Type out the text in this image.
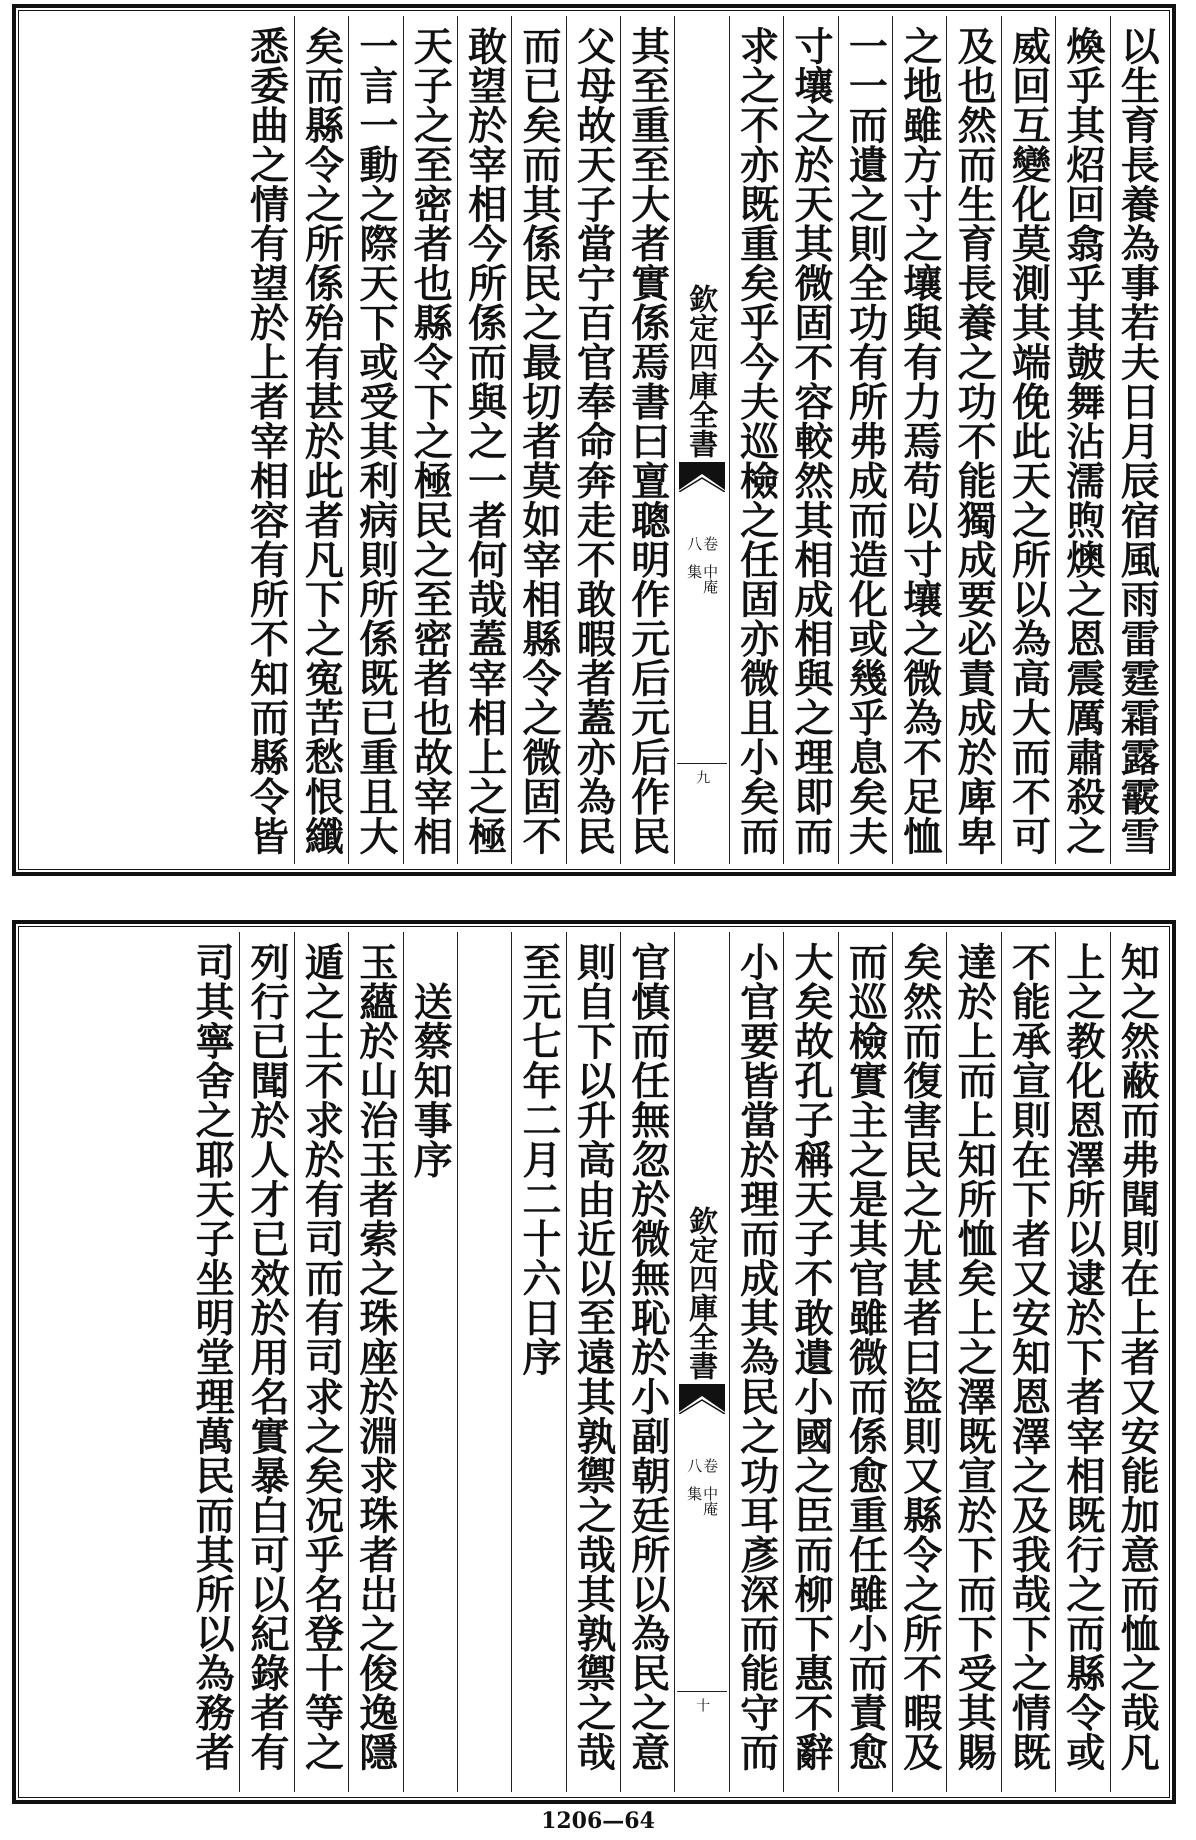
以生育長養為事若夫日月辰宿風雨雷霆霜露霰雪
煥乎其炤回翕乎其皷舞沾濡煦燠之恩震厲肅殺之
威回互變化莫測其端俛此天之所以為高大而不可
及也然而生育長養之功不能獨成要必責成於庳卑
之地雖方寸之壤與有力焉苟以寸壤之微為不足恤
一一而遺之則全功有所弗成而造化或幾乎息矣夫
寸壤之於天其微固不容較然其相成相與之理即而
求之不亦既重矣乎今夫巡檢之任固亦微且小矣而
欽定四庫全書
中庵集
卷八
九
其至重至大者實係焉書曰亶聰明作元后元后作民
父母故天子當宁百官奉命奔走不敢暇者蓋亦為民
而已矣而其係民之最切者莫如宰相縣令之微固不
敢望於宰相今所係而與之一者何哉蓋宰相上之極
天子之至密者也縣令下之極民之至密者也故宰相
一言一動之際天下或受其利病則所係既已重且大
矣而縣令之所係殆有甚於此者凡下之寃苦愁恨纖
悉委曲之情有望於上者宰相容有所不知而縣令皆
知之然蔽而弗聞則在上者又安能加意而恤之哉凡
上之教化恩澤所以逮於下者宰相既行之而縣令或
不能承宣則在下者又安知恩澤之及我哉下之情既
達於上而上知所恤矣上之澤既宣於下而下受其賜
矣然而復害民之尤甚者曰盜則又縣令之所不暇及
而巡檢實主之是其官雖微而係愈重任雖小而責愈
大矣故孔子稱天子不敢遺小國之臣而柳下惠不辭
小官要皆當於理而成其為民之功耳彥深而能守而
欽定四庫全書
中庵集
卷八
十
官慎而任無忽於微無恥於小副朝廷所以為民之意
則自下以升高由近以至遠其孰禦之哉其孰禦之哉
至元七年二月二十六日序
　送蔡知事序
玉蘊於山治玉者索之珠座於淵求珠者岀之俊逸隱
遁之士不求於有司而有司求之矣况乎名登十等之
列行已聞於人才已效於用名實暴白可以紀錄者有
司其寧舍之耶天子坐明堂理萬民而其所以為務者
1206—64
